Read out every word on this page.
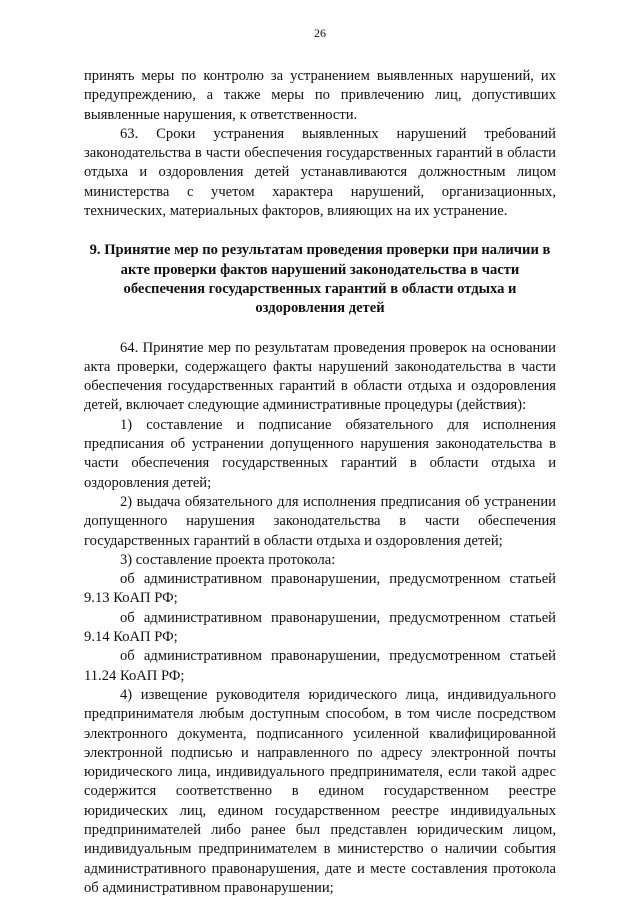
26

принять меры по контролю за устранением выявленных нарушений, их предупреждению, а также меры по привлечению лиц, допустивших выявленные нарушения, к ответственности.

63. Сроки устранения выявленных нарушений требований законодательства в части обеспечения государственных гарантий в области отдыха и оздоровления детей устанавливаются должностным лицом министерства с учетом характера нарушений, организационных, технических, материальных факторов, влияющих на их устранение.

9. Принятие мер по результатам проведения проверки при наличии в акте проверки фактов нарушений законодательства в части обеспечения государственных гарантий в области отдыха и оздоровления детей

64. Принятие мер по результатам проведения проверок на основании акта проверки, содержащего факты нарушений законодательства в части обеспечения государственных гарантий в области отдыха и оздоровления детей, включает следующие административные процедуры (действия):

1) составление и подписание обязательного для исполнения предписания об устранении допущенного нарушения законодательства в части обеспечения государственных гарантий в области отдыха и оздоровления детей;

2) выдача обязательного для исполнения предписания об устранении допущенного нарушения законодательства в части обеспечения государственных гарантий в области отдыха и оздоровления детей;

3) составление проекта протокола:

об административном правонарушении, предусмотренном статьей 9.13 КоАП РФ;

об административном правонарушении, предусмотренном статьей 9.14 КоАП РФ;

об административном правонарушении, предусмотренном статьей 11.24 КоАП РФ;

4) извещение руководителя юридического лица, индивидуального предпринимателя любым доступным способом, в том числе посредством электронного документа, подписанного усиленной квалифицированной электронной подписью и направленного по адресу электронной почты юридического лица, индивидуального предпринимателя, если такой адрес содержится соответственно в едином государственном реестре юридических лиц, едином государственном реестре индивидуальных предпринимателей либо ранее был представлен юридическим лицом, индивидуальным предпринимателем в министерство о наличии события административного правонарушения, дате и месте составления протокола об административном правонарушении;
